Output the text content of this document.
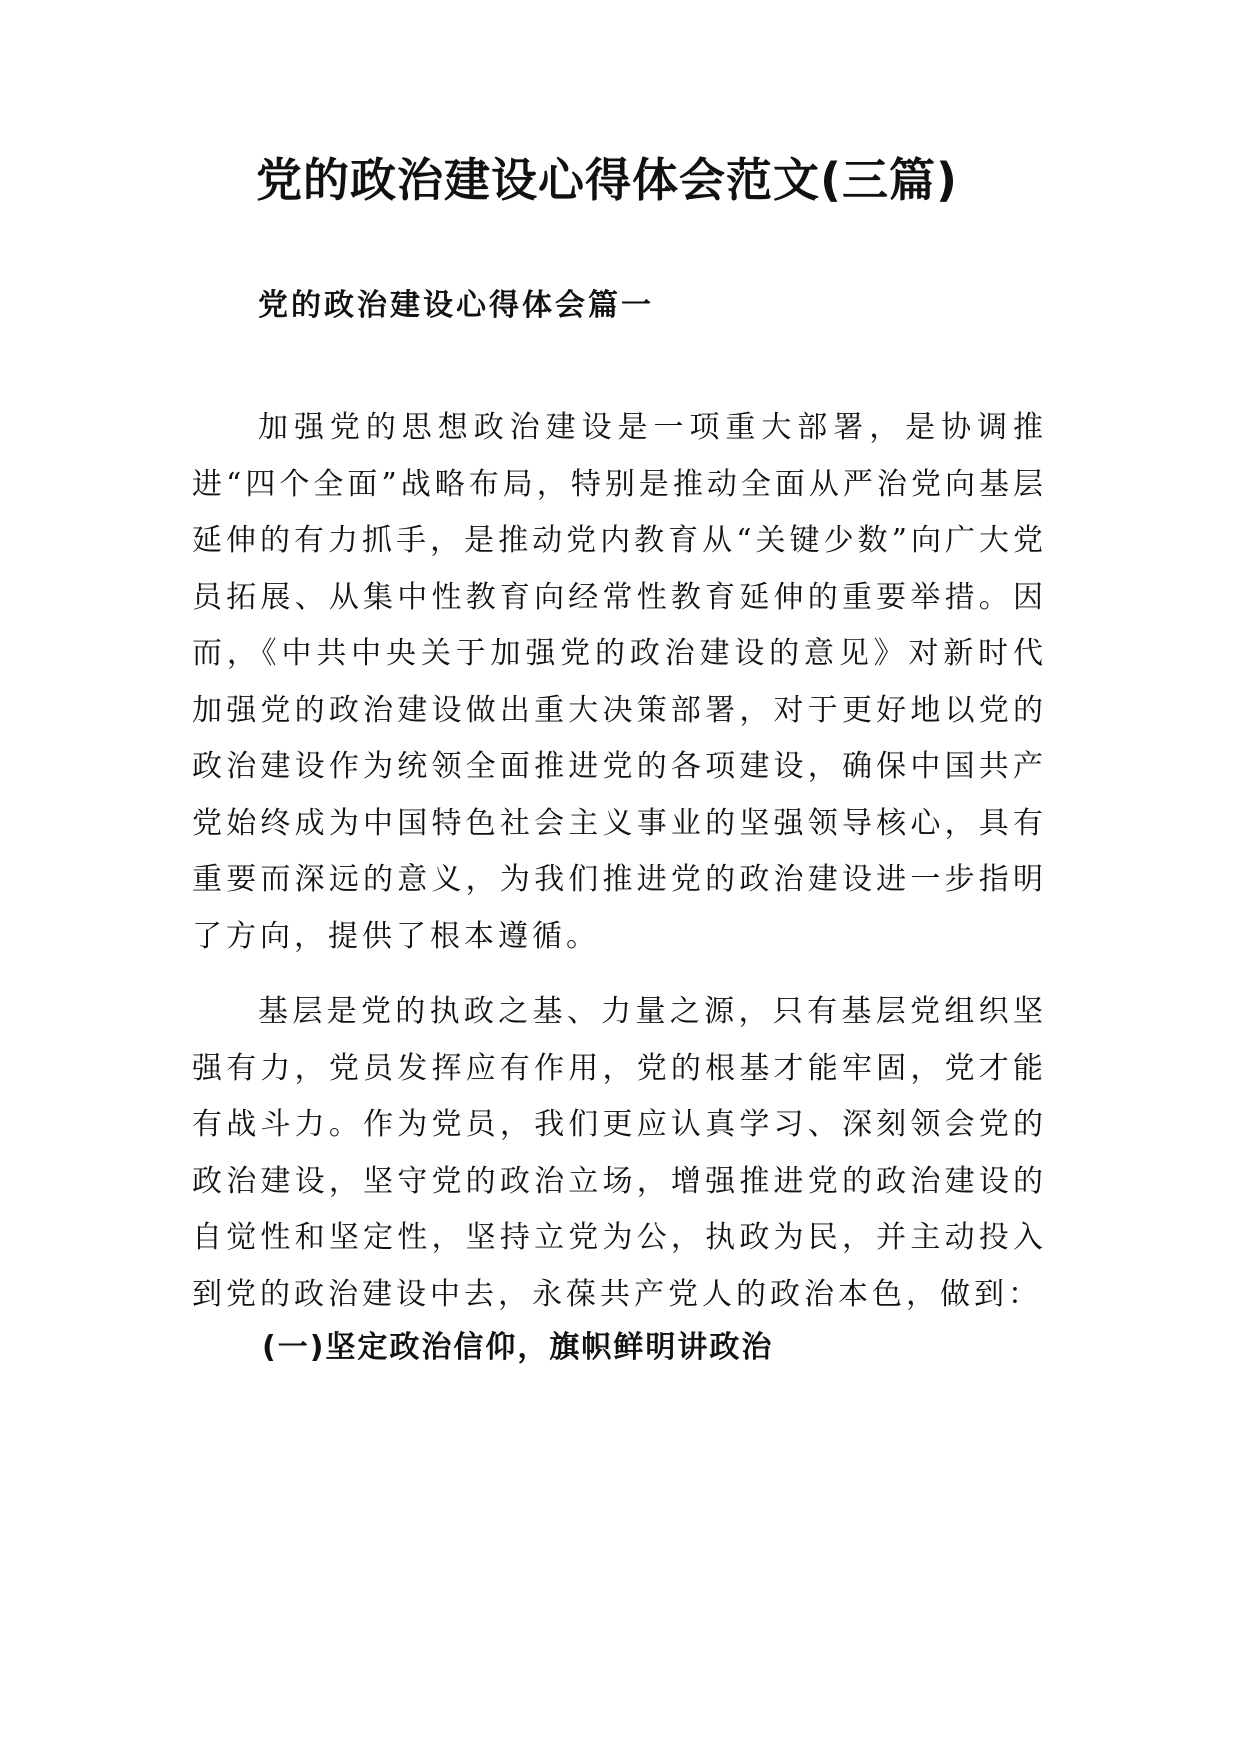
党的政治建设心得体会范文(三篇)
党的政治建设心得体会篇一

加强党的思想政治建设是一项重大部署，是协调推进“四个全面”战略布局，特别是推动全面从严治党向基层延伸的有力抓手，是推动党内教育从“关键少数”向广大党员拓展、从集中性教育向经常性教育延伸的重要举措。因而，《中共中央关于加强党的政治建设的意见》对新时代加强党的政治建设做出重大决策部署，对于更好地以党的政治建设作为统领全面推进党的各项建设，确保中国共产党始终成为中国特色社会主义事业的坚强领导核心，具有重要而深远的意义，为我们推进党的政治建设进一步指明了方向，提供了根本遵循。

基层是党的执政之基、力量之源，只有基层党组织坚强有力，党员发挥应有作用，党的根基才能牢固，党才能有战斗力。作为党员，我们更应认真学习、深刻领会党的政治建设，坚守党的政治立场，增强推进党的政治建设的自觉性和坚定性，坚持立党为公，执政为民，并主动投入到党的政治建设中去，永葆共产党人的政治本色，做到：

(一)坚定政治信仰，旗帜鲜明讲政治
